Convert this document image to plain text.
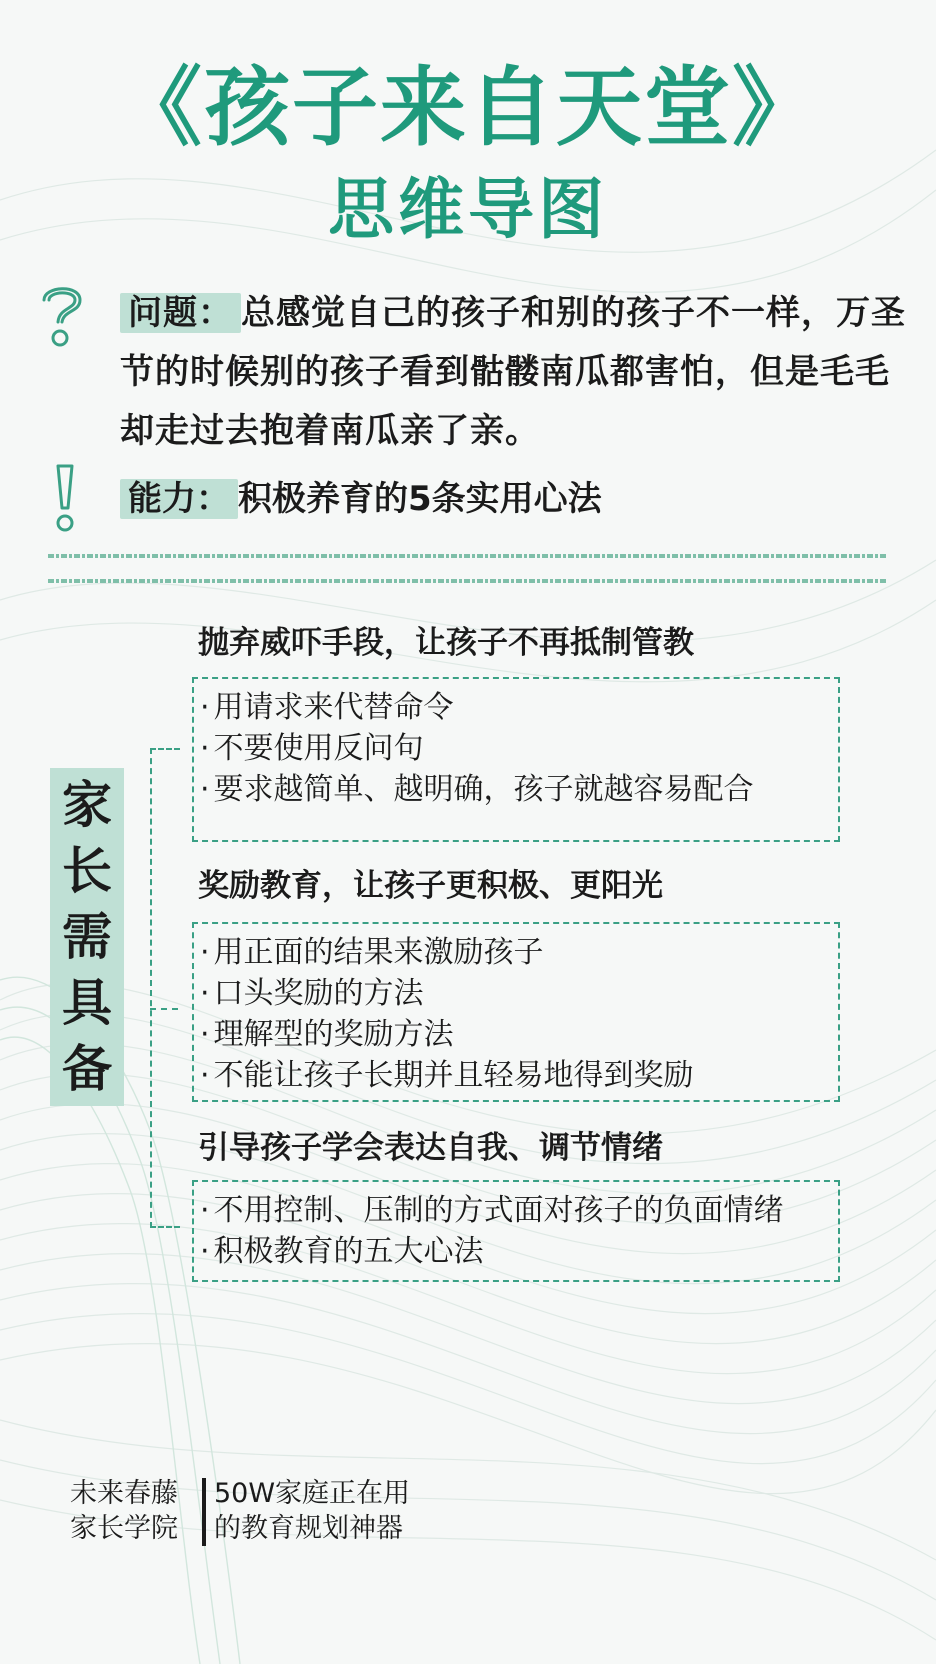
《孩子来自天堂》
思维导图
问题： 总感觉自己的孩子和别的孩子不一样，万圣节的时候别的孩子看到骷髅南瓜都害怕，但是毛毛却走过去抱着南瓜亲了亲。
能力： 积极养育的5条实用心法
家
长
需
具
备
抛弃威吓手段，让孩子不再抵制管教
· 用请求来代替命令
· 不要使用反问句
· 要求越简单、越明确，孩子就越容易配合
奖励教育，让孩子更积极、更阳光
· 用正面的结果来激励孩子
· 口头奖励的方法
· 理解型的奖励方法
· 不能让孩子长期并且轻易地得到奖励
引导孩子学会表达自我、调节情绪
· 不用控制、压制的方式面对孩子的负面情绪
· 积极教育的五大心法
未来春藤
家长学院
50W家庭正在用
的教育规划神器
